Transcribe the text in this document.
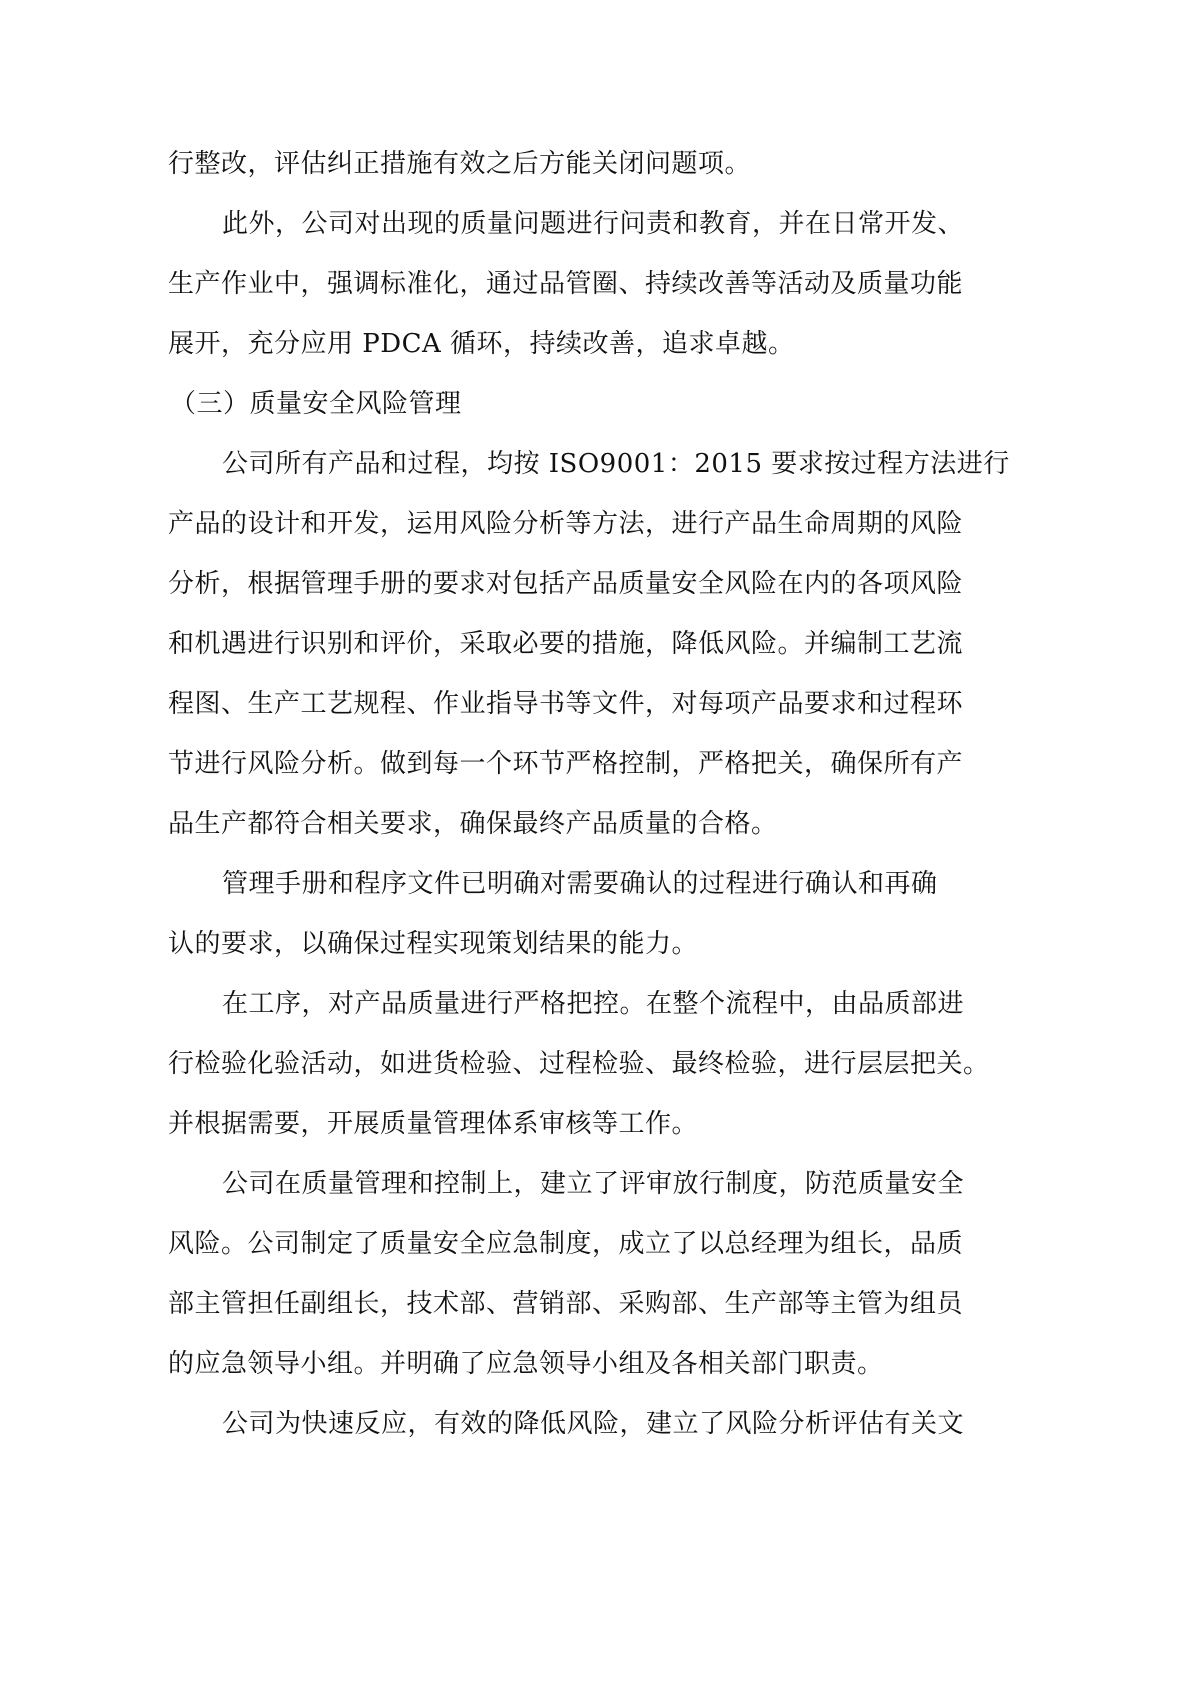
行整改，评估纠正措施有效之后方能关闭问题项。
此外，公司对出现的质量问题进行问责和教育，并在日常开发、
生产作业中，强调标准化，通过品管圈、持续改善等活动及质量功能
展开，充分应用 PDCA 循环，持续改善，追求卓越。
（三）质量安全风险管理
公司所有产品和过程，均按 ISO9001：2015 要求按过程方法进行
产品的设计和开发，运用风险分析等方法，进行产品生命周期的风险
分析，根据管理手册的要求对包括产品质量安全风险在内的各项风险
和机遇进行识别和评价，采取必要的措施，降低风险。并编制工艺流
程图、生产工艺规程、作业指导书等文件，对每项产品要求和过程环
节进行风险分析。做到每一个环节严格控制，严格把关，确保所有产
品生产都符合相关要求，确保最终产品质量的合格。
管理手册和程序文件已明确对需要确认的过程进行确认和再确
认的要求，以确保过程实现策划结果的能力。
在工序，对产品质量进行严格把控。在整个流程中，由品质部进
行检验化验活动，如进货检验、过程检验、最终检验，进行层层把关。
并根据需要，开展质量管理体系审核等工作。
公司在质量管理和控制上，建立了评审放行制度，防范质量安全
风险。公司制定了质量安全应急制度，成立了以总经理为组长，品质
部主管担任副组长，技术部、营销部、采购部、生产部等主管为组员
的应急领导小组。并明确了应急领导小组及各相关部门职责。
公司为快速反应，有效的降低风险，建立了风险分析评估有关文
